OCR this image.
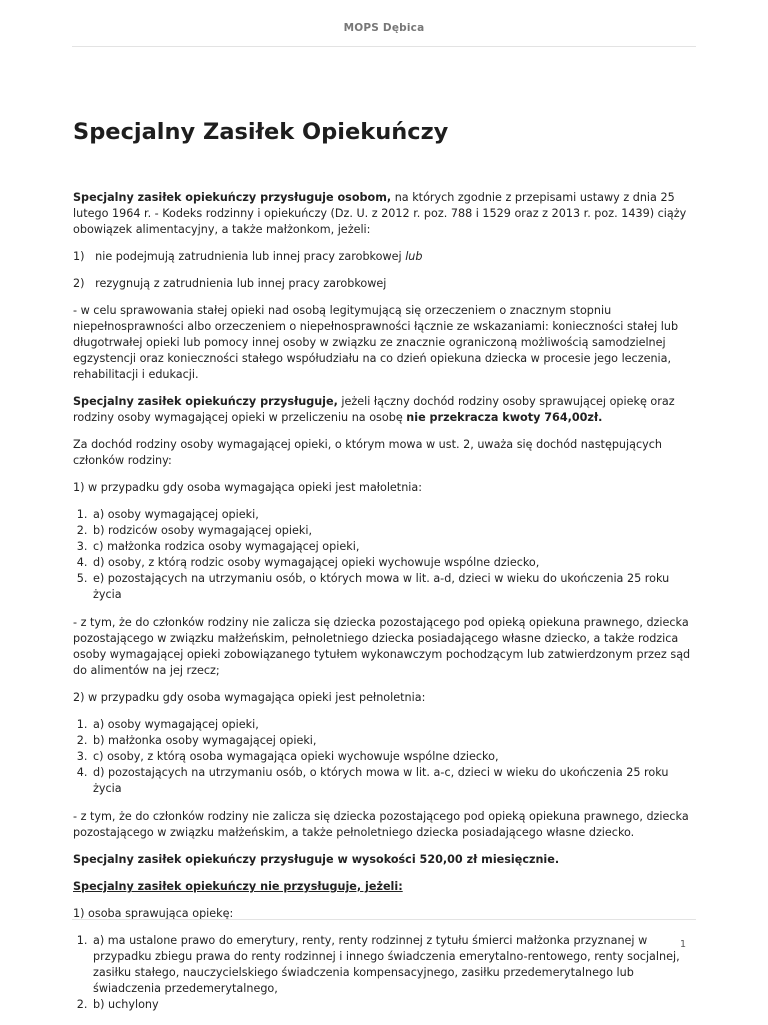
MOPS Dębica
Specjalny Zasiłek Opiekuńczy

Specjalny zasiłek opiekuńczy przysługuje osobom, na których zgodnie z przepisami ustawy z dnia 25 lutego 1964 r. - Kodeks rodzinny i opiekuńczy (Dz. U. z 2012 r. poz. 788 i 1529 oraz z 2013 r. poz. 1439) ciąży obowiązek alimentacyjny, a także małżonkom, jeżeli:

1) nie podejmują zatrudnienia lub innej pracy zarobkowej lub

2) rezygnują z zatrudnienia lub innej pracy zarobkowej

- w celu sprawowania stałej opieki nad osobą legitymującą się orzeczeniem o znacznym stopniu niepełnosprawności albo orzeczeniem o niepełnosprawności łącznie ze wskazaniami: konieczności stałej lub długotrwałej opieki lub pomocy innej osoby w związku ze znacznie ograniczoną możliwością samodzielnej egzystencji oraz konieczności stałego współudziału na co dzień opiekuna dziecka w procesie jego leczenia, rehabilitacji i edukacji.

Specjalny zasiłek opiekuńczy przysługuje, jeżeli łączny dochód rodziny osoby sprawującej opiekę oraz rodziny osoby wymagającej opieki w przeliczeniu na osobę nie przekracza kwoty 764,00zł.

Za dochód rodziny osoby wymagającej opieki, o którym mowa w ust. 2, uważa się dochód następujących członków rodziny:

1) w przypadku gdy osoba wymagająca opieki jest małoletnia:

1. a) osoby wymagającej opieki,
2. b) rodziców osoby wymagającej opieki,
3. c) małżonka rodzica osoby wymagającej opieki,
4. d) osoby, z którą rodzic osoby wymagającej opieki wychowuje wspólne dziecko,
5. e) pozostających na utrzymaniu osób, o których mowa w lit. a-d, dzieci w wieku do ukończenia 25 roku życia

- z tym, że do członków rodziny nie zalicza się dziecka pozostającego pod opieką opiekuna prawnego, dziecka pozostającego w związku małżeńskim, pełnoletniego dziecka posiadającego własne dziecko, a także rodzica osoby wymagającej opieki zobowiązanego tytułem wykonawczym pochodzącym lub zatwierdzonym przez sąd do alimentów na jej rzecz;

2) w przypadku gdy osoba wymagająca opieki jest pełnoletnia:

1. a) osoby wymagającej opieki,
2. b) małżonka osoby wymagającej opieki,
3. c) osoby, z którą osoba wymagająca opieki wychowuje wspólne dziecko,
4. d) pozostających na utrzymaniu osób, o których mowa w lit. a-c, dzieci w wieku do ukończenia 25 roku życia

- z tym, że do członków rodziny nie zalicza się dziecka pozostającego pod opieką opiekuna prawnego, dziecka pozostającego w związku małżeńskim, a także pełnoletniego dziecka posiadającego własne dziecko.

Specjalny zasiłek opiekuńczy przysługuje w wysokości 520,00 zł miesięcznie.

Specjalny zasiłek opiekuńczy nie przysługuje, jeżeli:

1) osoba sprawująca opiekę:

1. a) ma ustalone prawo do emerytury, renty, renty rodzinnej z tytułu śmierci małżonka przyznanej w przypadku zbiegu prawa do renty rodzinnej i innego świadczenia emerytalno-rentowego, renty socjalnej, zasiłku stałego, nauczycielskiego świadczenia kompensacyjnego, zasiłku przedemerytalnego lub świadczenia przedemerytalnego,
2. b) uchylony
1
